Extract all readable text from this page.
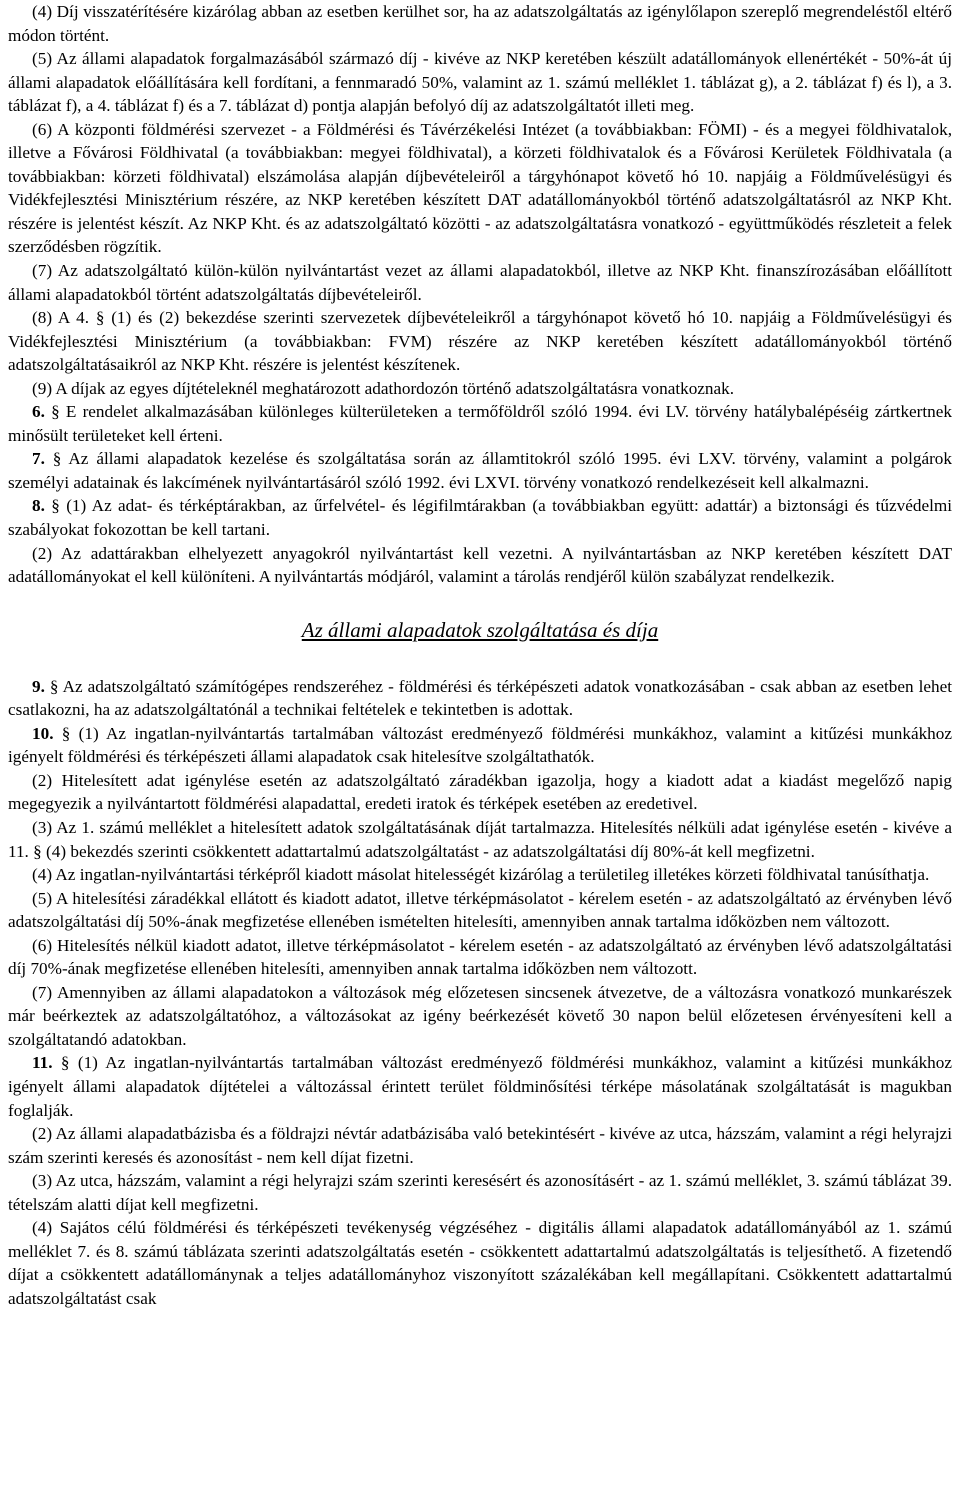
(4) Díj visszatérítésére kizárólag abban az esetben kerülhet sor, ha az adatszolgáltatás az igénylőlapon szereplő megrendeléstől eltérő módon történt.

(5) Az állami alapadatok forgalmazásából származó díj - kivéve az NKP keretében készült adatállományok ellenértékét - 50%-át új állami alapadatok előállítására kell fordítani, a fennmaradó 50%, valamint az 1. számú melléklet 1. táblázat g), a 2. táblázat f) és l), a 3. táblázat f), a 4. táblázat f) és a 7. táblázat d) pontja alapján befolyó díj az adatszolgáltatót illeti meg.

(6) A központi földmérési szervezet - a Földmérési és Távérzékelési Intézet (a továbbiakban: FÖMI) - és a megyei földhivatalok, illetve a Fővárosi Földhivatal (a továbbiakban: megyei földhivatal), a körzeti földhivatalok és a Fővárosi Kerületek Földhivatala (a továbbiakban: körzeti földhivatal) elszámolása alapján díjbevételeiről a tárgyhónapot követő hó 10. napjáig a Földművelésügyi és Vidékfejlesztési Minisztérium részére, az NKP keretében készített DAT adatállományokból történő adatszolgáltatásról az NKP Kht. részére is jelentést készít. Az NKP Kht. és az adatszolgáltató közötti - az adatszolgáltatásra vonatkozó - együttműködés részleteit a felek szerződésben rögzítik.

(7) Az adatszolgáltató külön-külön nyilvántartást vezet az állami alapadatokból, illetve az NKP Kht. finanszírozásában előállított állami alapadatokból történt adatszolgáltatás díjbevételeiről.

(8) A 4. § (1) és (2) bekezdése szerinti szervezetek díjbevételeikről a tárgyhónapot követő hó 10. napjáig a Földművelésügyi és Vidékfejlesztési Minisztérium (a továbbiakban: FVM) részére az NKP keretében készített adatállományokból történő adatszolgáltatásaikról az NKP Kht. részére is jelentést készítenek.

(9) A díjak az egyes díjtételeknél meghatározott adathordozón történő adatszolgáltatásra vonatkoznak.

6. § E rendelet alkalmazásában különleges külterületeken a termőföldről szóló 1994. évi LV. törvény hatálybalépéséig zártkertnek minősült területeket kell érteni.

7. § Az állami alapadatok kezelése és szolgáltatása során az államtitokról szóló 1995. évi LXV. törvény, valamint a polgárok személyi adatainak és lakcímének nyilvántartásáról szóló 1992. évi LXVI. törvény vonatkozó rendelkezéseit kell alkalmazni.

8. § (1) Az adat- és térképtárakban, az űrfelvétel- és légifilmtárakban (a továbbiakban együtt: adattár) a biztonsági és tűzvédelmi szabályokat fokozottan be kell tartani.

(2) Az adattárakban elhelyezett anyagokról nyilvántartást kell vezetni. A nyilvántartásban az NKP keretében készített DAT adatállományokat el kell különíteni. A nyilvántartás módjáról, valamint a tárolás rendjéről külön szabályzat rendelkezik.

Az állami alapadatok szolgáltatása és díja

9. § Az adatszolgáltató számítógépes rendszeréhez - földmérési és térképészeti adatok vonatkozásában - csak abban az esetben lehet csatlakozni, ha az adatszolgáltatónál a technikai feltételek e tekintetben is adottak.

10. § (1) Az ingatlan-nyilvántartás tartalmában változást eredményező földmérési munkákhoz, valamint a kitűzési munkákhoz igényelt földmérési és térképészeti állami alapadatok csak hitelesítve szolgáltathatók.

(2) Hitelesített adat igénylése esetén az adatszolgáltató záradékban igazolja, hogy a kiadott adat a kiadást megelőző napig megegyezik a nyilvántartott földmérési alapadattal, eredeti iratok és térképek esetében az eredetivel.

(3) Az 1. számú melléklet a hitelesített adatok szolgáltatásának díját tartalmazza. Hitelesítés nélküli adat igénylése esetén - kivéve a 11. § (4) bekezdés szerinti csökkentett adattartalmú adatszolgáltatást - az adatszolgáltatási díj 80%-át kell megfizetni.

(4) Az ingatlan-nyilvántartási térképről kiadott másolat hitelességét kizárólag a területileg illetékes körzeti földhivatal tanúsíthatja.

(5) A hitelesítési záradékkal ellátott és kiadott adatot, illetve térképmásolatot - kérelem esetén - az adatszolgáltató az érvényben lévő adatszolgáltatási díj 50%-ának megfizetése ellenében ismételten hitelesíti, amennyiben annak tartalma időközben nem változott.

(6) Hitelesítés nélkül kiadott adatot, illetve térképmásolatot - kérelem esetén - az adatszolgáltató az érvényben lévő adatszolgáltatási díj 70%-ának megfizetése ellenében hitelesíti, amennyiben annak tartalma időközben nem változott.

(7) Amennyiben az állami alapadatokon a változások még előzetesen sincsenek átvezetve, de a változásra vonatkozó munkarészek már beérkeztek az adatszolgáltatóhoz, a változásokat az igény beérkezését követő 30 napon belül előzetesen érvényesíteni kell a szolgáltatandó adatokban.

11. § (1) Az ingatlan-nyilvántartás tartalmában változást eredményező földmérési munkákhoz, valamint a kitűzési munkákhoz igényelt állami alapadatok díjtételei a változással érintett terület földminősítési térképe másolatának szolgáltatását is magukban foglalják.

(2) Az állami alapadatbázisba és a földrajzi névtár adatbázisába való betekintésért - kivéve az utca, házszám, valamint a régi helyrajzi szám szerinti keresés és azonosítást - nem kell díjat fizetni.

(3) Az utca, házszám, valamint a régi helyrajzi szám szerinti keresésért és azonosításért - az 1. számú melléklet, 3. számú táblázat 39. tételszám alatti díjat kell megfizetni.

(4) Sajátos célú földmérési és térképészeti tevékenység végzéséhez - digitális állami alapadatok adatállományából az 1. számú melléklet 7. és 8. számú táblázata szerinti adatszolgáltatás esetén - csökkentett adattartalmú adatszolgáltatás is teljesíthető. A fizetendő díjat a csökkentett adatállománynak a teljes adatállományhoz viszonyított százalékában kell megállapítani. Csökkentett adattartalmú adatszolgáltatást csak
